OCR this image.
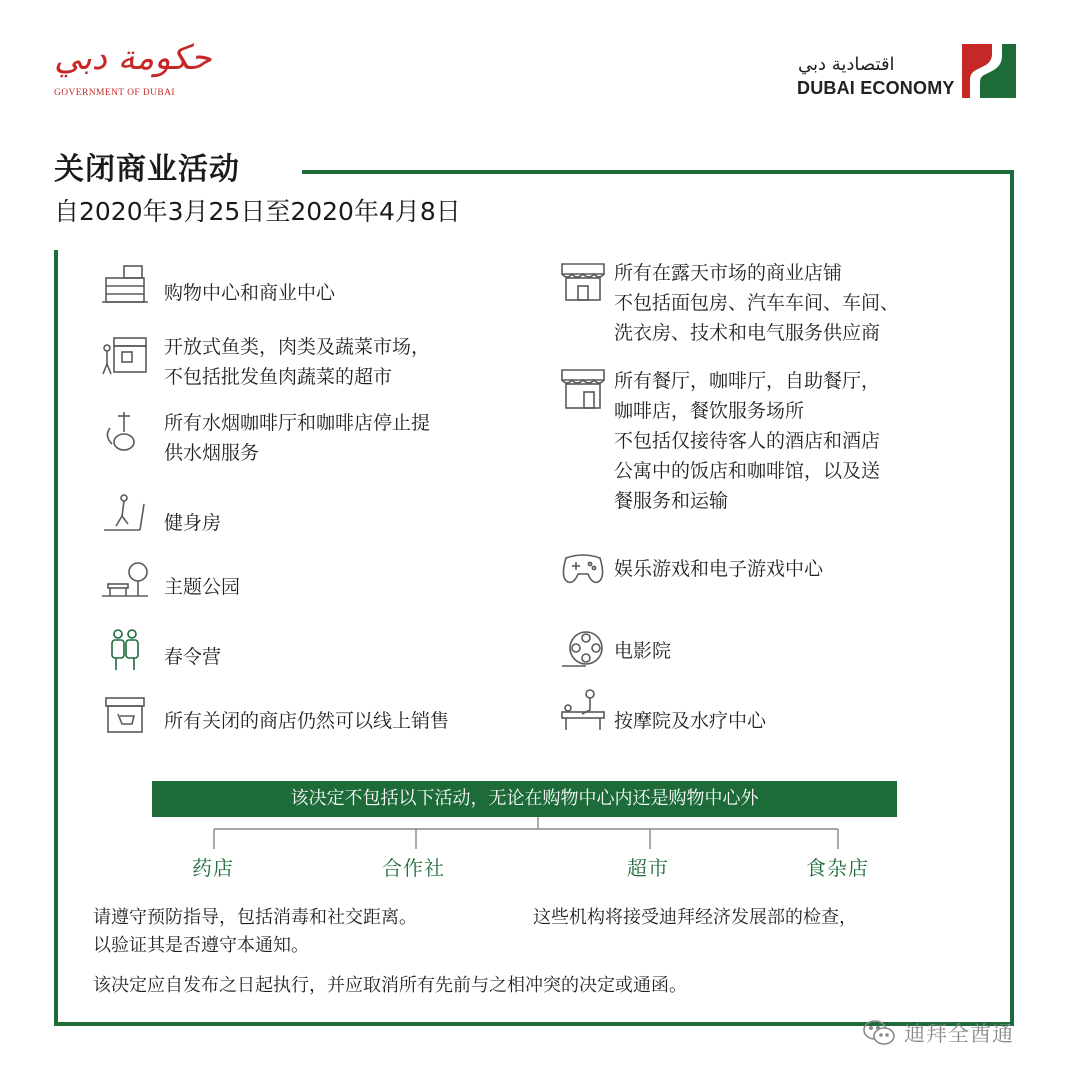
حكومة دبي
GOVERNMENT OF DUBAI
اقتصادية دبي
DUBAI ECONOMY
关闭商业活动
自2020年3月25日至2020年4月8日
购物中心和商业中心
开放式鱼类，肉类及蔬菜市场，
不包括批发鱼肉蔬菜的超市
所有水烟咖啡厅和咖啡店停止提
供水烟服务
健身房
主题公园
春令营
所有关闭的商店仍然可以线上销售
所有在露天市场的商业店铺
不包括面包房、汽车车间、车间、
洗衣房、技术和电气服务供应商
所有餐厅，咖啡厅，自助餐厅，
咖啡店，餐饮服务场所
不包括仅接待客人的酒店和酒店
公寓中的饭店和咖啡馆，以及送
餐服务和运输
娱乐游戏和电子游戏中心
电影院
按摩院及水疗中心
该决定不包括以下活动，无论在购物中心内还是购物中心外
药店	合作社	超市	食杂店
请遵守预防指导，包括消毒和社交距离。	这些机构将接受迪拜经济发展部的检查，
以验证其是否遵守本通知。
该决定应自发布之日起执行，并应取消所有先前与之相冲突的决定或通函。
迪拜全酋通
